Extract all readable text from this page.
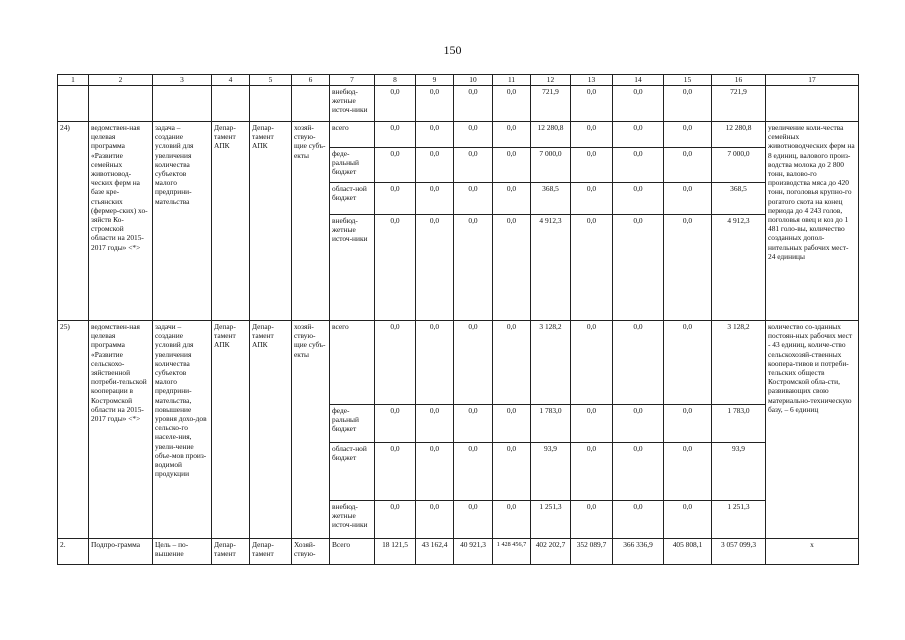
150
1	2	3	4	5	6	7	8	9	10	11	12	13	14	15	16	17
						внебюд-жетные источ-ники	0,0	0,0	0,0	0,0	721,9	0,0	0,0	0,0	721,9	
24)	ведомствен-ная целевая программа «Развитие семейных животновод-ческих ферм на базе кре-стьянских (фермер-ских) хо-зяйств Ко-стромской области на 2015-2017 годы» <*>	задача – создание условий для увеличения количества субъектов малого предприни-мательства	Депар-тамент АПК	Депар-тамент АПК	хозяй-ствую-щие субъ-екты	всего	0,0	0,0	0,0	0,0	12 280,8	0,0	0,0	0,0	12 280,8	увеличение коли-чества семейных животноводческих ферм на 8 единиц, валового произ-водства молока до 2 800 тонн, валово-го производства мяса до 420 тонн, поголовья крупно-го рогатого скота на конец периода до 4 243 голов, поголовья овец и коз до 1 481 голо-вы, количество созданных допол-нительных рабочих мест- 24 единицы
						феде-ральный бюджет	0,0	0,0	0,0	0,0	7 000,0	0,0	0,0	0,0	7 000,0	
						област-ной бюджет	0,0	0,0	0,0	0,0	368,5	0,0	0,0	0,0	368,5	
						внебюд-жетные источ-ники	0,0	0,0	0,0	0,0	4 912,3	0,0	0,0	0,0	4 912,3	
25)	ведомствен-ная целевая программа «Развитие сельскохо-зяйственной потреби-тельской кооперации в Костромской области на 2015-2017 годы» <*>	задачи – создание условий для увеличения количества субъектов малого предприни-мательства, повышение уровня дохо-дов сельско-го населе-ния, увели-чение объе-мов произ-водимой продукции	Депар-тамент АПК	Депар-тамент АПК	хозяй-ствую-щие субъ-екты	всего	0,0	0,0	0,0	0,0	3 128,2	0,0	0,0	0,0	3 128,2	количество со-зданных постоян-ных рабочих мест - 43 единиц, количе-ство сельскохозяй-ственных коопера-тивов и потреби-тельских обществ Костромской обла-сти, развивающих свою материально-техническую базу, – 6 единиц
						феде-ральный бюджет	0,0	0,0	0,0	0,0	1 783,0	0,0	0,0	0,0	1 783,0	
						област-ной бюджет	0,0	0,0	0,0	0,0	93,9	0,0	0,0	0,0	93,9	
						внебюд-жетные источ-ники	0,0	0,0	0,0	0,0	1 251,3	0,0	0,0	0,0	1 251,3	
2.	Подпро-грамма	Цель – по-вышение	Депар-тамент	Депар-тамент	Хозяй-ствую-	Всего	18 121,5	43 162,4	40 921,3	1 428 456,7	402 202,7	352 089,7	366 336,9	405 808,1	3 057 099,3	x
